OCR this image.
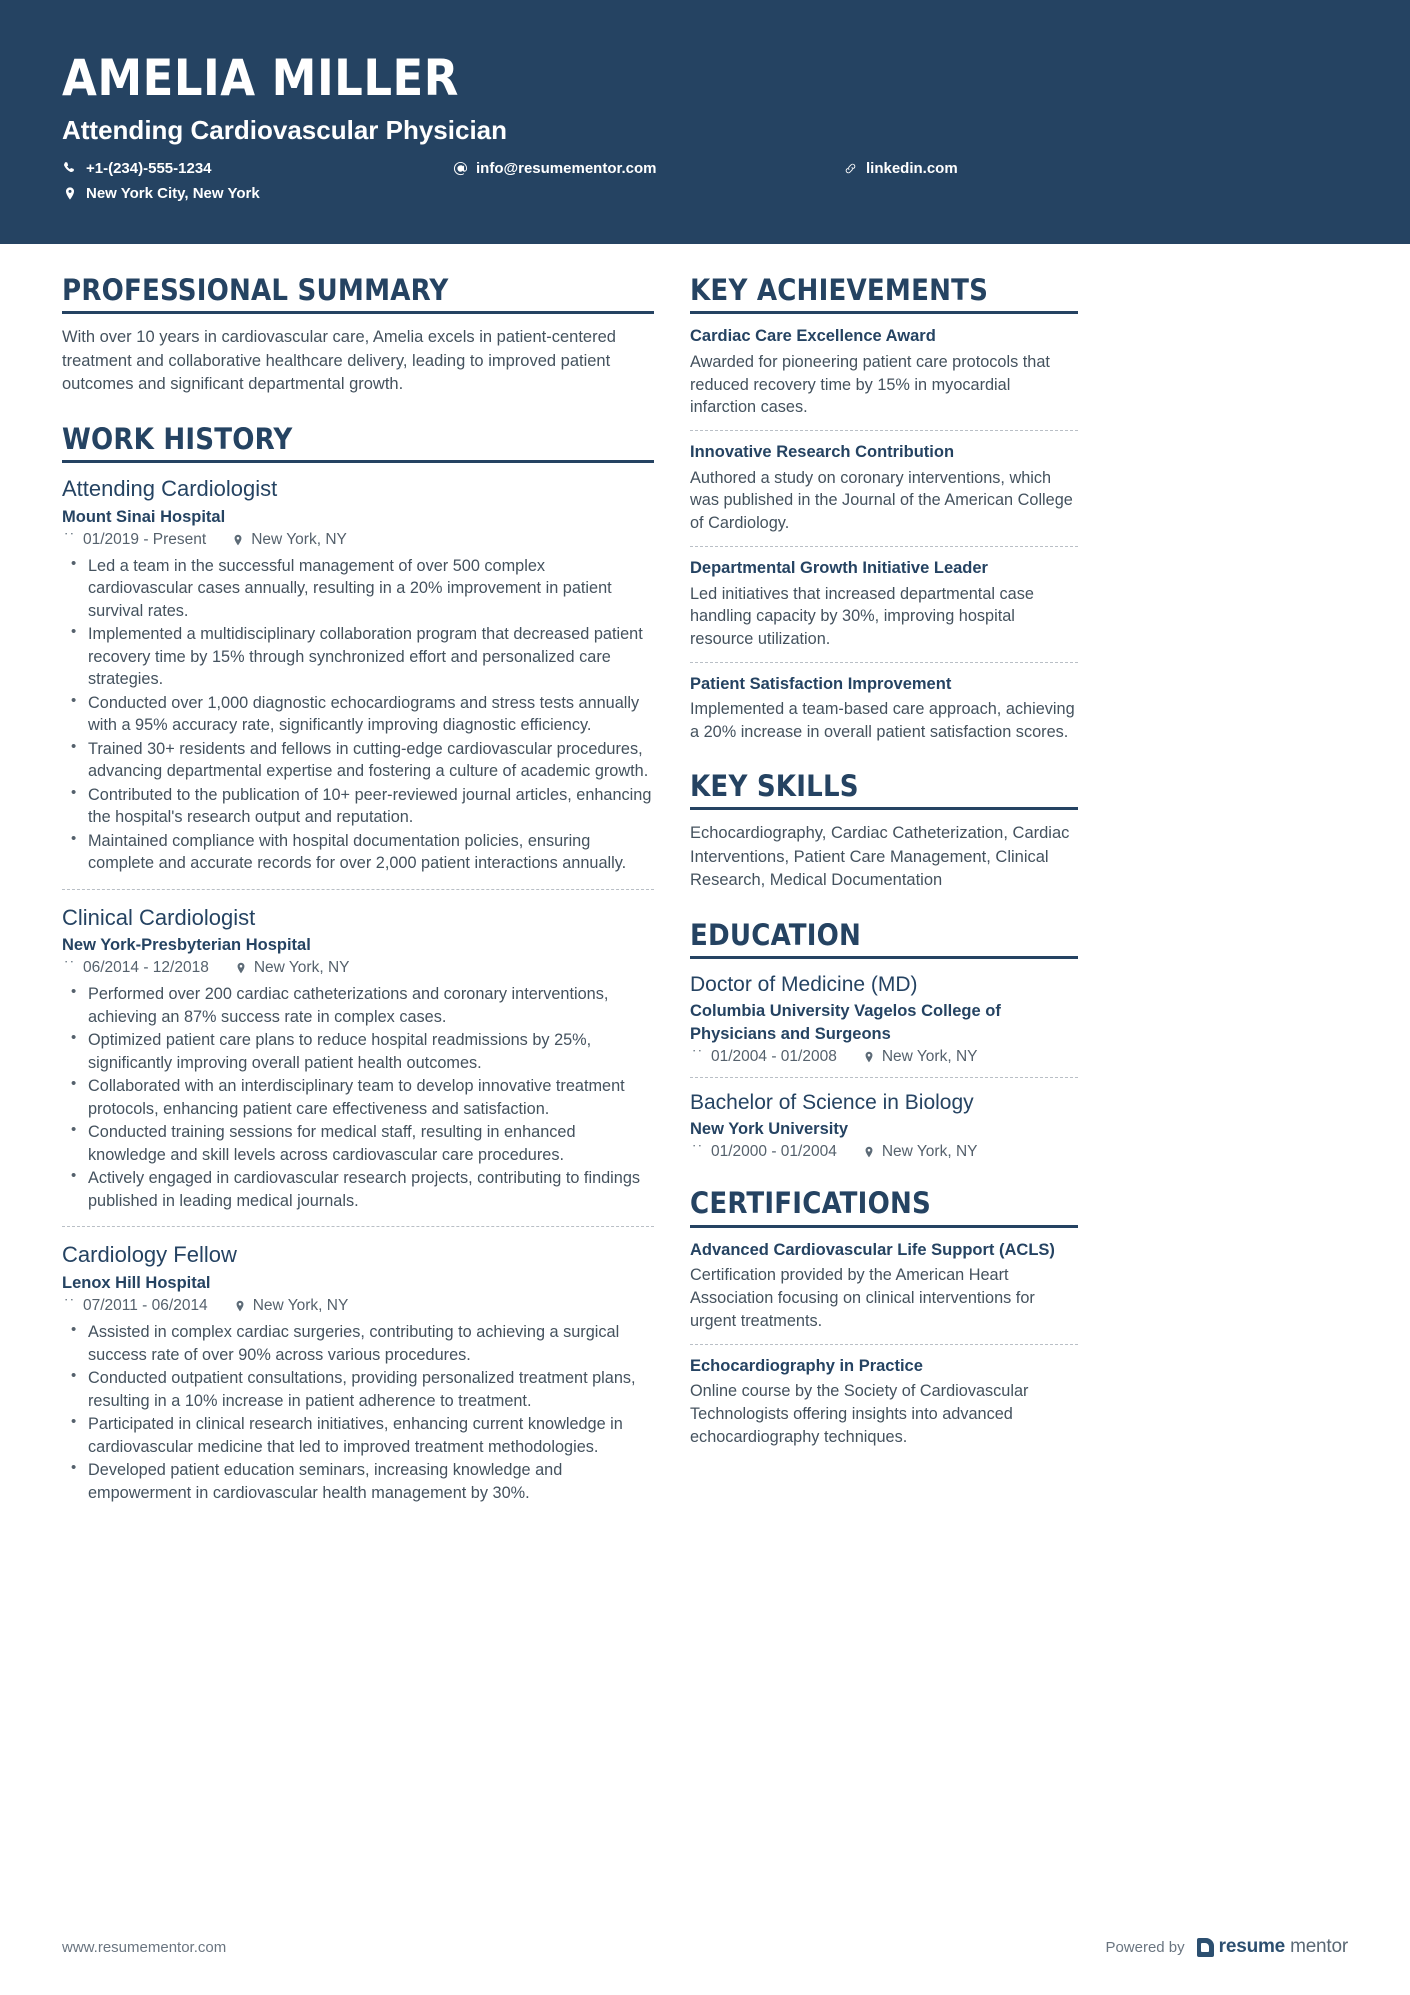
AMELIA MILLER
Attending Cardiovascular Physician
+1-(234)-555-1234	info@resumementor.com	linkedin.com
New York City, New York
PROFESSIONAL SUMMARY
With over 10 years in cardiovascular care, Amelia excels in patient-centered treatment and collaborative healthcare delivery, leading to improved patient outcomes and significant departmental growth.
WORK HISTORY
Attending Cardiologist
Mount Sinai Hospital
01/2019 - Present	New York, NY
• Led a team in the successful management of over 500 complex cardiovascular cases annually, resulting in a 20% improvement in patient survival rates.
• Implemented a multidisciplinary collaboration program that decreased patient recovery time by 15% through synchronized effort and personalized care strategies.
• Conducted over 1,000 diagnostic echocardiograms and stress tests annually with a 95% accuracy rate, significantly improving diagnostic efficiency.
• Trained 30+ residents and fellows in cutting-edge cardiovascular procedures, advancing departmental expertise and fostering a culture of academic growth.
• Contributed to the publication of 10+ peer-reviewed journal articles, enhancing the hospital's research output and reputation.
• Maintained compliance with hospital documentation policies, ensuring complete and accurate records for over 2,000 patient interactions annually.
Clinical Cardiologist
New York-Presbyterian Hospital
06/2014 - 12/2018	New York, NY
• Performed over 200 cardiac catheterizations and coronary interventions, achieving an 87% success rate in complex cases.
• Optimized patient care plans to reduce hospital readmissions by 25%, significantly improving overall patient health outcomes.
• Collaborated with an interdisciplinary team to develop innovative treatment protocols, enhancing patient care effectiveness and satisfaction.
• Conducted training sessions for medical staff, resulting in enhanced knowledge and skill levels across cardiovascular care procedures.
• Actively engaged in cardiovascular research projects, contributing to findings published in leading medical journals.
Cardiology Fellow
Lenox Hill Hospital
07/2011 - 06/2014	New York, NY
• Assisted in complex cardiac surgeries, contributing to achieving a surgical success rate of over 90% across various procedures.
• Conducted outpatient consultations, providing personalized treatment plans, resulting in a 10% increase in patient adherence to treatment.
• Participated in clinical research initiatives, enhancing current knowledge in cardiovascular medicine that led to improved treatment methodologies.
• Developed patient education seminars, increasing knowledge and empowerment in cardiovascular health management by 30%.
KEY ACHIEVEMENTS
Cardiac Care Excellence Award
Awarded for pioneering patient care protocols that reduced recovery time by 15% in myocardial infarction cases.
Innovative Research Contribution
Authored a study on coronary interventions, which was published in the Journal of the American College of Cardiology.
Departmental Growth Initiative Leader
Led initiatives that increased departmental case handling capacity by 30%, improving hospital resource utilization.
Patient Satisfaction Improvement
Implemented a team-based care approach, achieving a 20% increase in overall patient satisfaction scores.
KEY SKILLS
Echocardiography, Cardiac Catheterization, Cardiac Interventions, Patient Care Management, Clinical Research, Medical Documentation
EDUCATION
Doctor of Medicine (MD)
Columbia University Vagelos College of Physicians and Surgeons
01/2004 - 01/2008	New York, NY
Bachelor of Science in Biology
New York University
01/2000 - 01/2004	New York, NY
CERTIFICATIONS
Advanced Cardiovascular Life Support (ACLS)
Certification provided by the American Heart Association focusing on clinical interventions for urgent treatments.
Echocardiography in Practice
Online course by the Society of Cardiovascular Technologists offering insights into advanced echocardiography techniques.
www.resumementor.com	Powered by resume mentor
